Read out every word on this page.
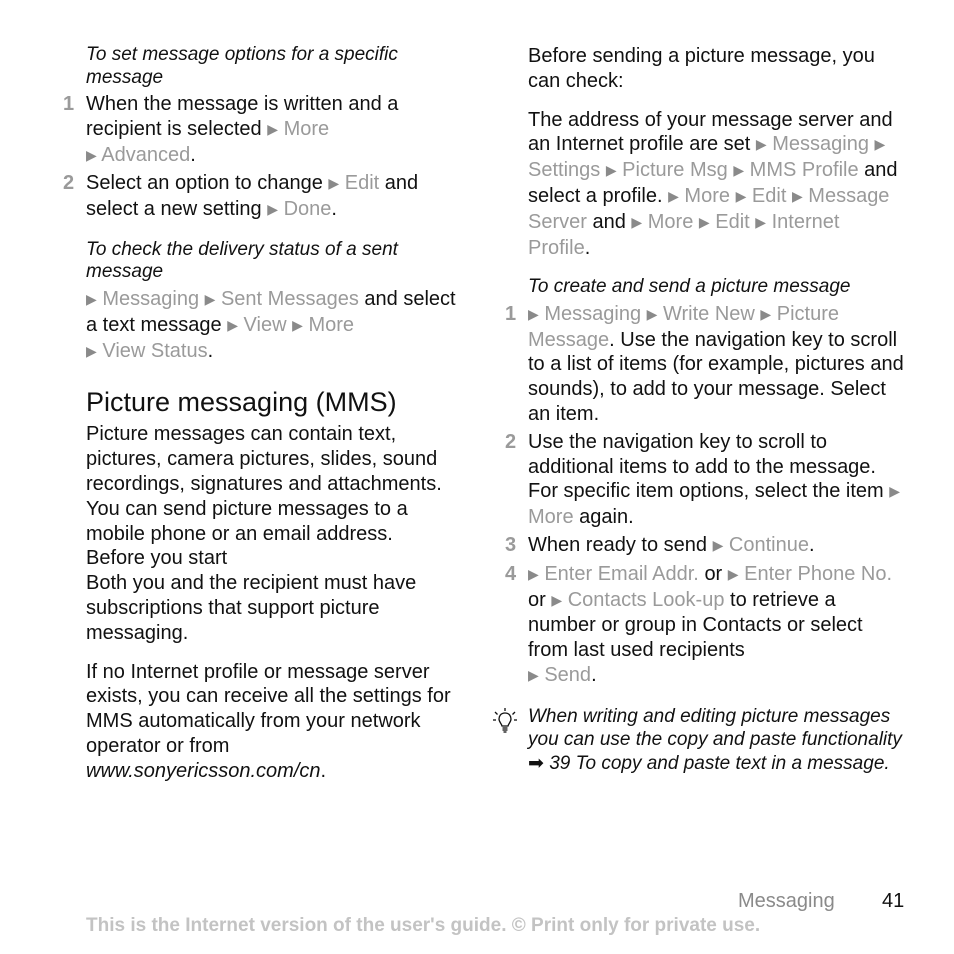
To set message options for a specific message
1 When the message is written and a recipient is selected ▶ More
▶ Advanced.
2 Select an option to change ▶ Edit and select a new setting ▶ Done.
To check the delivery status of a sent message

▶ Messaging ▶ Sent Messages and select a text message ▶ View ▶ More
▶ View Status.

Picture messaging (MMS)

Picture messages can contain text, pictures, camera pictures, slides, sound recordings, signatures and attachments. You can send picture messages to a mobile phone or an email address.

Before you start

Both you and the recipient must have subscriptions that support picture messaging.

If no Internet profile or message server exists, you can receive all the settings for MMS automatically from your network operator or from www.sonyericsson.com/cn.

Before sending a picture message, you can check:

The address of your message server and an Internet profile are set ▶ Messaging ▶ Settings ▶ Picture Msg ▶ MMS Profile and select a profile. ▶ More ▶ Edit ▶ Message Server and ▶ More ▶ Edit ▶ Internet Profile.

To create and send a picture message
1 ▶ Messaging ▶ Write New ▶ Picture Message. Use the navigation key to scroll to a list of items (for example, pictures and sounds), to add to your message. Select an item.
2 Use the navigation key to scroll to additional items to add to the message. For specific item options, select the item ▶ More again.
3 When ready to send ▶ Continue.
4 ▶ Enter Email Addr. or ▶ Enter Phone No. or ▶ Contacts Look-up to retrieve a number or group in Contacts or select from last used recipients
▶ Send.
When writing and editing picture messages you can use the copy and paste functionality ➡ 39 To copy and paste text in a message.
Messaging 41
This is the Internet version of the user's guide. © Print only for private use.
